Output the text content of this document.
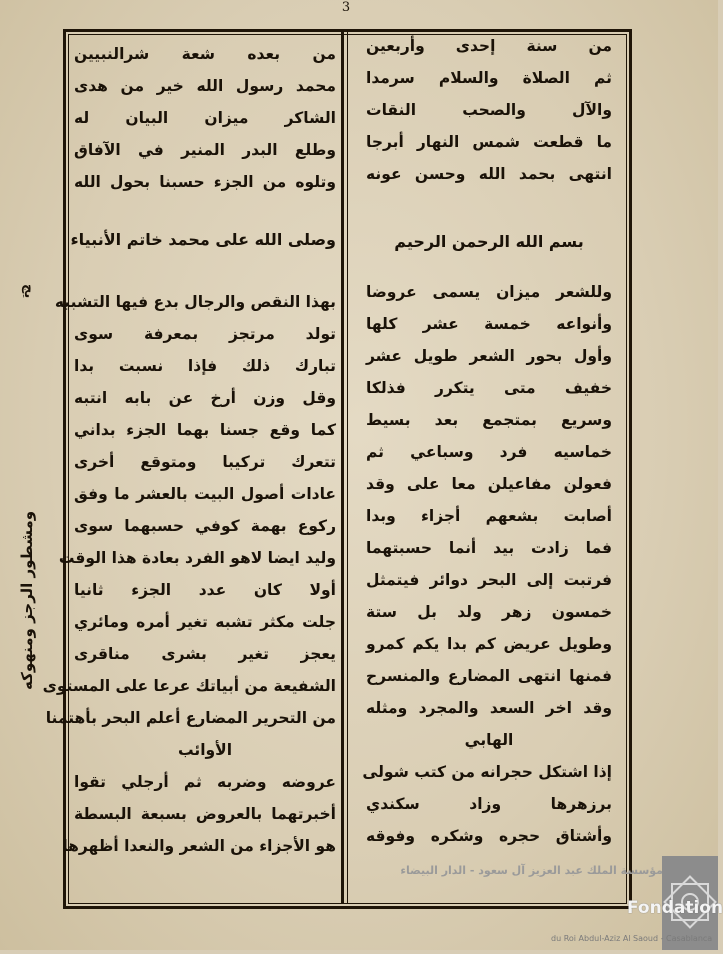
3
يج
ومشطور الرجز ومنهوكه
من سنة إحدى وأربعين
ثم الصلاة والسلام سرمدا
والآل والصحب النقات
ما قطعت شمس النهار أبرجا
انتهى بحمد الله وحسن عونه
بسم الله الرحمن الرحيم
وللشعر ميزان يسمى عروضا
وأنواعه خمسة عشر كلها
وأول بحور الشعر طويل عشر
خفيف متى يتكرر فذلكا
وسريع بمتجمع بعد بسيط
خماسيه فرد وسباعي ثم
فعولن مفاعيلن معا على وقد
أصابت بشعهم أجزاء وبدا
فما زادت بيد أنما حسبتهما
فرتبت إلى البحر دوائر فيتمثل
خمسون زهر ولد بل ستة
وطويل عريض كم بدا يكم كمرو
فمنها انتهى المضارع والمنسرح
وقد اخر السعد والمجرد ومثله
الهابي
إذا اشتكل حجرانه من كتب شولى
برزهرها وزاد سكندي
وأشتاق حجره وشكره وفوقه
من بعده شعة شرالنبيين
محمد رسول الله خير من هدى
الشاكر ميزان البيان له
وطلع البدر المنير في الآفاق
وتلوه من الجزء حسبنا بحول الله
وصلى الله على محمد خاتم الأنبياء
بهذا النقص والرجال بدع فيها التشبيه
تولد مرتجز بمعرفة سوى
تبارك ذلك فإذا نسبت بدا
وقل وزن أرخ عن بابه انتبه
كما وقع جسنا بهما الجزء بداني
تتعرك تركيبا ومتوقع أخرى
عادات أصول البيت بالعشر ما وفق
ركوع بهمة كوفي حسبهما سوى
وليد ايضا لاهو الفرد بعادة هذا الوقت
أولا كان عدد الجزء ثانيا
جلت مكثر تشبه تغير أمره ومائري
يعجز تغير بشرى مناقرى
الشفيعة من أبياتك عرعا على المستوى
من التحرير المضارع أعلم البحر بأهتمنا
الأوائب
عروضه وضربه ثم أرجلي تقوا
أخبرتهما بالعروض بسبعة البسطة
هو الأجزاء من الشعر والنعدا أظهرها
مؤسسة الملك عبد العزيز آل سعود - الدار البيضاء
Fondation
du Roi Abdul-Aziz Al Saoud - Casablanca
